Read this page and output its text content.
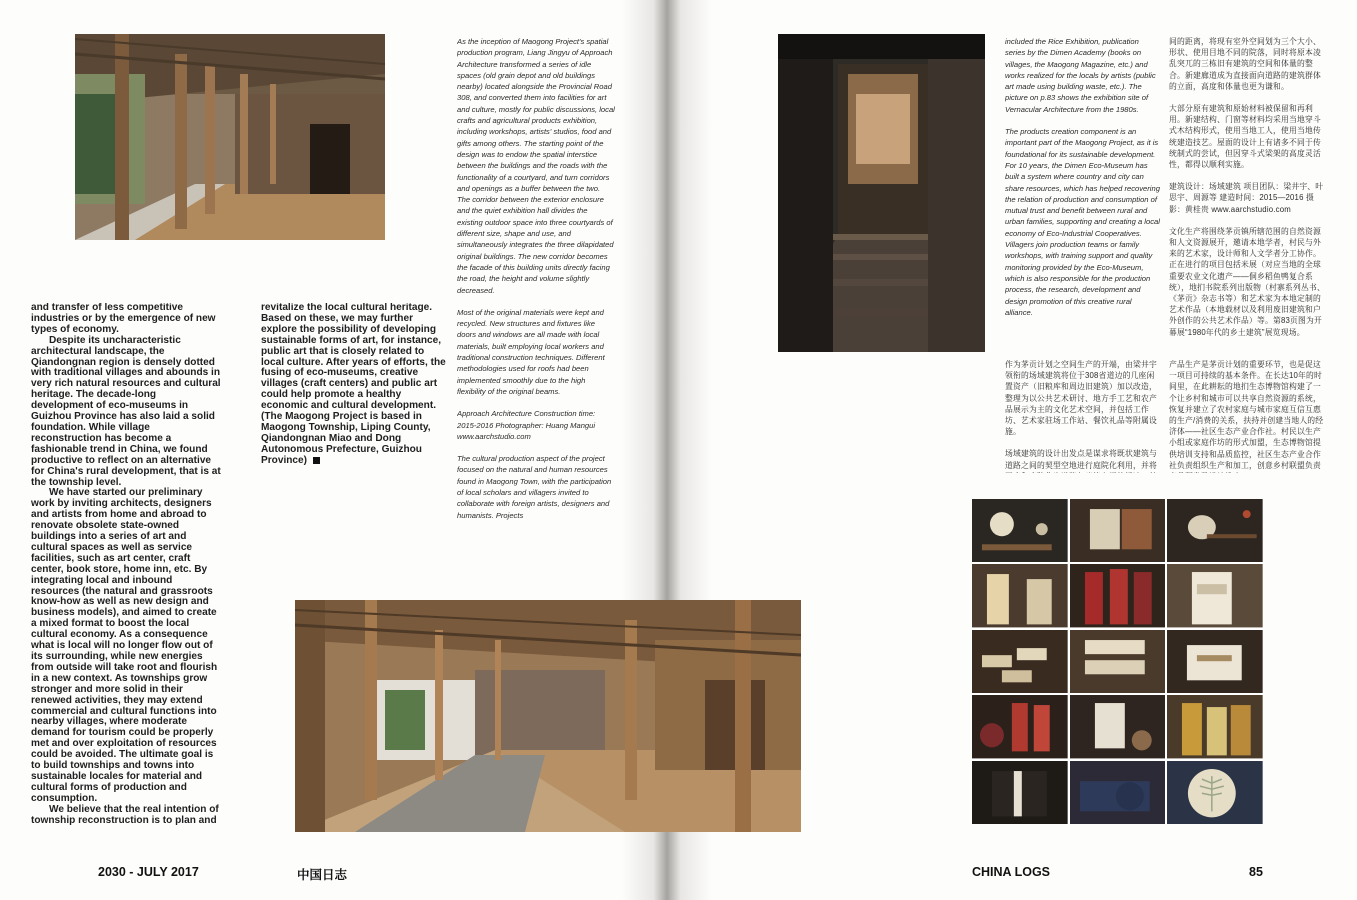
and transfer of less competitive industries or by the emergence of new types of economy.

Despite its uncharacteristic architectural landscape, the Qiandongnan region is densely dotted with traditional villages and abounds in very rich natural resources and cultural heritage. The decade-long development of eco-museums in Guizhou Province has also laid a solid foundation. While village reconstruction has become a fashionable trend in China, we found productive to reflect on an alternative for China's rural development, that is at the township level.

We have started our preliminary work by inviting architects, designers and artists from home and abroad to renovate obsolete state-owned buildings into a series of art and cultural spaces as well as service facilities, such as art center, craft center, book store, home inn, etc. By integrating local and inbound resources (the natural and grassroots know-how as well as new design and business models), and aimed to create a mixed format to boost the local cultural economy. As a consequence what is local will no longer flow out of its surrounding, while new energies from outside will take root and flourish in a new context. As townships grow stronger and more solid in their renewed activities, they may extend commercial and cultural functions into nearby villages, where moderate demand for tourism could be properly met and over exploitation of resources could be avoided. The ultimate goal is to build townships and towns into sustainable locales for material and cultural forms of production and consumption.

We believe that the real intention of township reconstruction is to plan and

revitalize the local cultural heritage. Based on these, we may further explore the possibility of developing sustainable forms of art, for instance, public art that is closely related to local culture. After years of efforts, the fusing of eco-museums, creative villages (craft centers) and public art could help promote a healthy economic and cultural development.

(The Maogong Project is based in Maogong Township, Liping County, Qiandongnan Miao and Dong Autonomous Prefecture, Guizhou Province)

As the inception of Maogong Project's spatial production program, Liang Jingyu of Approach Architecture transformed a series of idle spaces (old grain depot and old buildings nearby) located alongside the Provincial Road 308, and converted them into facilities for art and culture, mostly for public discussions, local crafts and agricultural products exhibition, including workshops, artists' studios, food and gifts among others. The starting point of the design was to endow the spatial interstice between the buildings and the roads with the functionality of a courtyard, and turn corridors and openings as a buffer between the two. The corridor between the exterior enclosure and the quiet exhibition hall divides the existing outdoor space into three courtyards of different size, shape and use, and simultaneously integrates the three dilapidated original buildings. The new corridor becomes the facade of this building units directly facing the road, the height and volume slightly decreased.

Most of the original materials were kept and recycled. New structures and fixtures like doors and windows are all made with local materials, built employing local workers and traditional construction techniques. Different methodologies used for roofs had been implemented smoothly due to the high flexibility of the original beams.

Approach Architecture Construction time: 2015-2016 Photographer: Huang Mangui www.aarchstudio.com

The cultural production aspect of the project focused on the natural and human resources found in Maogong Town, with the participation of local scholars and villagers invited to collaborate with foreign artists, designers and humanists. Projects

included the Rice Exhibition, publication series by the Dimen Academy (books on villages, the Maogong Magazine, etc.) and works realized for the locals by artists (public art made using building waste, etc.). The picture on p.83 shows the exhibition site of Vernacular Architecture from the 1980s.

The products creation component is an important part of the Maogong Project, as it is foundational for its sustainable development. For 10 years, the Dimen Eco-Museum has built a system where country and city can share resources, which has helped recovering the relation of production and consumption of mutual trust and benefit between rural and urban families, supporting and creating a local economy of Eco-Industrial Cooperatives. Villagers join production teams or family workshops, with training support and quality monitoring provided by the Eco-Museum, which is also responsible for the production process, the research, development and design promotion of this creative rural alliance.

间的距离，将现有室外空间划为三个大小、形状、使用目地不同的院落，同时将原本凌乱突兀的三栋旧有建筑的空间和体量的整合。新建廊道成为直接面向道路的建筑群体的立面，高度和体量也更为谦和。

大部分原有建筑和原始材料被保留和再利用。新建结构、门窗等材料均采用当地穿斗式木结构形式，使用当地工人，使用当地传统建造技艺。屋面的设计上有诸多不同于传统制式的尝试，但因穿斗式梁架的高度灵活性，都得以顺利实施。

建筑设计：场域建筑 项目团队：梁井宇、叶思宇、周源等 建造时间：2015—2016 摄影：黄桂贵 www.aarchstudio.com

文化生产将围绕茅贡镇所辖范围的自然资源和人文资源展开，邀请本地学者，村民与外来的艺术家，设计师和人文学者分工协作。正在进行的项目包括米展（对应当地的全球重要农业文化遗产——侗乡稻鱼鸭复合系统），地扪书院系列出版物（村寨系列丛书、《茅贡》杂志书等）和艺术家为本地定制的艺术作品（本地载材以及利用废旧建筑和户外创作的公共艺术作品）等。第83页图为开幕展“1980年代的乡土建筑”展览现场。

作为茅贡计划之空间生产的开端，由梁井宇领衔的场域建筑将位于308省道边的几座闲置资产（旧粮库和周边旧建筑）加以改造，整理为以公共艺术研讨、地方手工艺和农产品展示为主的文化艺术空间，并包括工作坊、艺术家驻场工作站、餐饮礼品等附属设施。

场域建筑的设计出发点是谋求将既状建筑与道路之间的契型空地进行庭院化利用，并将

产品生产是茅贡计划的重要环节，也是促这一项目可持续的基本条件。在长达10年的时间里，在此耕耘的地扪生态博物馆构建了一个让乡村和城市可以共享自然资源的系统，恢复并建立了农村家庭与城市家庭互信互惠的生产/消费的关系，扶持并创建当地人的经济体——社区生态产业合作社。村民以生产小组或家庭作坊的形式加盟，生态博物馆提供培训支持和品质监控，社区生态产业合作社负责组织生产和加工，创意乡村联盟负责

2030 - JULY 2017	中国日志	CHINA LOGS	85
